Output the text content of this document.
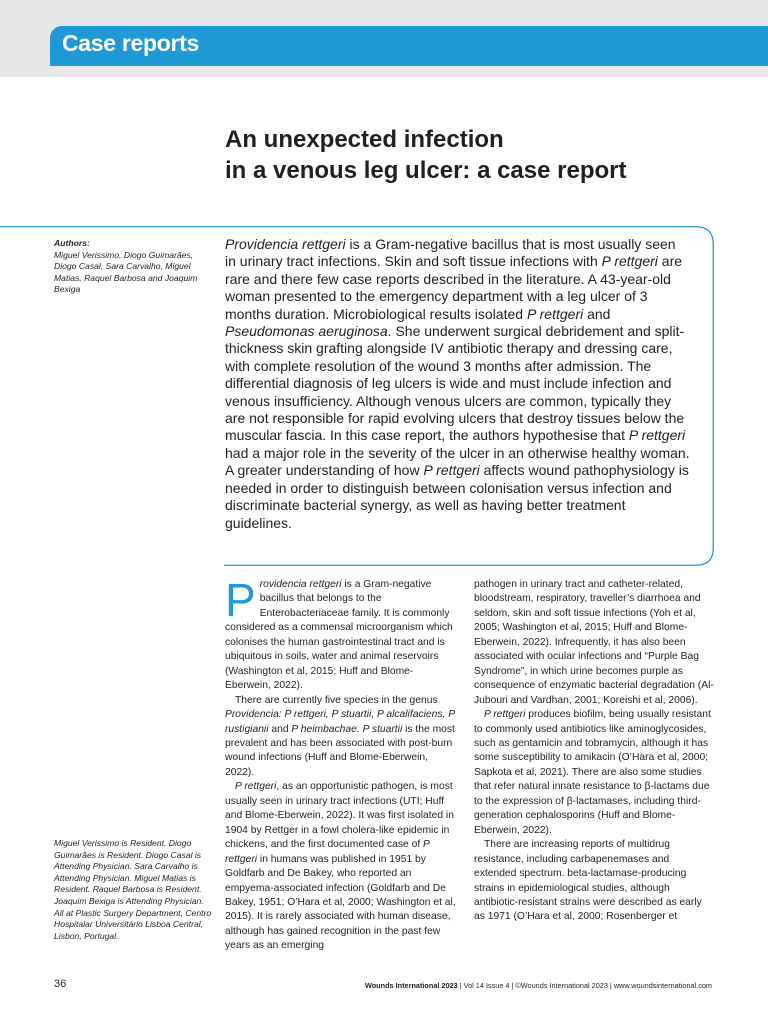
Case reports
An unexpected infection
in a venous leg ulcer: a case report
Authors:
Miguel Verissimo, Diogo Guimarães, Diogo Casal, Sara Carvalho, Miguel Matias, Raquel Barbosa and Joaquim Bexiga

Providencia rettgeri is a Gram-negative bacillus that is most usually seen in urinary tract infections. Skin and soft tissue infections with P rettgeri are rare and there few case reports described in the literature. A 43-year-old woman presented to the emergency department with a leg ulcer of 3 months duration. Microbiological results isolated P rettgeri and Pseudomonas aeruginosa. She underwent surgical debridement and split-thickness skin grafting alongside IV antibiotic therapy and dressing care, with complete resolution of the wound 3 months after admission. The differential diagnosis of leg ulcers is wide and must include infection and venous insufficiency. Although venous ulcers are common, typically they are not responsible for rapid evolving ulcers that destroy tissues below the muscular fascia. In this case report, the authors hypothesise that P rettgeri had a major role in the severity of the ulcer in an otherwise healthy woman. A greater understanding of how P rettgeri affects wound pathophysiology is needed in order to distinguish between colonisation versus infection and discriminate bacterial synergy, as well as having better treatment guidelines.

Providencia rettgeri is a Gram-negative bacillus that belongs to the Enterobacteriaceae family. It is commonly considered as a commensal microorganism which colonises the human gastrointestinal tract and is ubiquitous in soils, water and animal reservoirs (Washington et al, 2015; Huff and Blome-Eberwein, 2022).

There are currently five species in the genus Providencia: P rettgeri, P stuartii, P alcalifaciens, P rustigianii and P heimbachae. P stuartii is the most prevalent and has been associated with post-burn wound infections (Huff and Blome-Eberwein, 2022).

P rettgeri, as an opportunistic pathogen, is most usually seen in urinary tract infections (UTI; Huff and Blome-Eberwein, 2022). It was first isolated in 1904 by Rettger in a fowl cholera-like epidemic in chickens, and the first documented case of P rettgeri in humans was published in 1951 by Goldfarb and De Bakey, who reported an empyema-associated infection (Goldfarb and De Bakey, 1951; O’Hara et al, 2000; Washington et al, 2015). It is rarely associated with human disease, although has gained recognition in the past few years as an emerging

pathogen in urinary tract and catheter-related, bloodstream, respiratory, traveller’s diarrhoea and seldom, skin and soft tissue infections (Yoh et al, 2005; Washington et al, 2015; Huff and Blome-Eberwein, 2022). Infrequently, it has also been associated with ocular infections and “Purple Bag Syndrome”, in which urine becomes purple as consequence of enzymatic bacterial degradation (Al-Jubouri and Vardhan, 2001; Koreishi et al, 2006).

P rettgeri produces biofilm, being usually resistant to commonly used antibiotics like aminoglycosides, such as gentamicin and tobramycin, although it has some susceptibility to amikacin (O’Hara et al, 2000; Sapkota et al, 2021). There are also some studies that refer natural innate resistance to β-lactams due to the expression of β-lactamases, including third-generation cephalosporins (Huff and Blome-Eberwein, 2022).

There are increasing reports of multidrug resistance, including carbapenemases and extended spectrum. beta-lactamase-producing strains in epidemiological studies, although antibiotic-resistant strains were described as early as 1971 (O’Hara et al, 2000; Rosenberger et

Miguel Verissimo is Resident. Diogo Guimarães is Resident. Diogo Casal is Attending Physician. Sara Carvalho is Attending Physician. Miguel Matias is Resident. Raquel Barbosa is Resident. Joaquim Bexiga is Attending Physician. All at Plastic Surgery Department, Centro Hospitalar Universitário Lisboa Central, Lisbon, Portugal.
36	Wounds International 2023 | Vol 14 Issue 4 | ©Wounds International 2023 | www.woundsinternational.com
